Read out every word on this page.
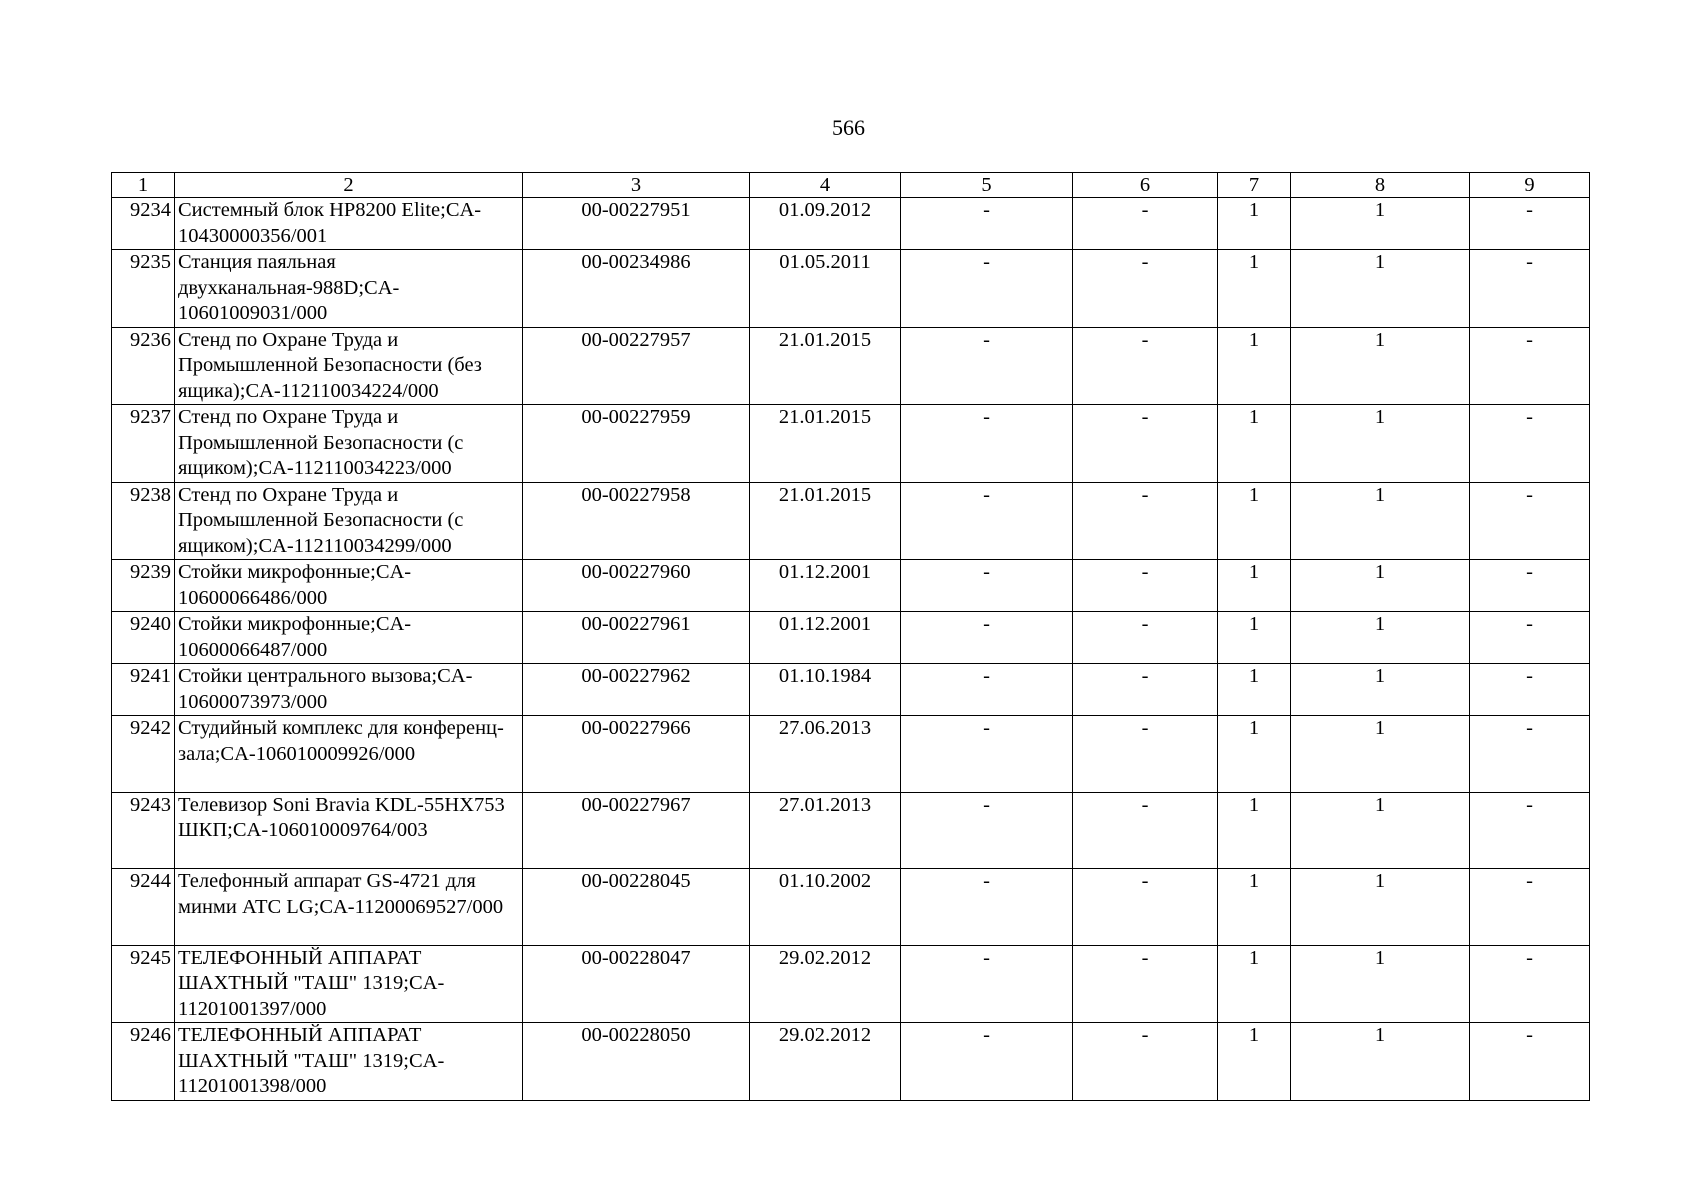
566
1	2	3	4	5	6	7	8	9
9234	Системный блок HP8200 Elite;CA-10430000356/001	00-00227951	01.09.2012	-	-	1	1	-
9235	Станция паяльная двухканальная-988D;CA-10601009031/000	00-00234986	01.05.2011	-	-	1	1	-
9236	Стенд по Охране Труда и Промышленной Безопасности (без ящика);CA-112110034224/000	00-00227957	21.01.2015	-	-	1	1	-
9237	Стенд по Охране Труда и Промышленной Безопасности (с ящиком);CA-112110034223/000	00-00227959	21.01.2015	-	-	1	1	-
9238	Стенд по Охране Труда и Промышленной Безопасности (с ящиком);CA-112110034299/000	00-00227958	21.01.2015	-	-	1	1	-
9239	Стойки микрофонные;CA-10600066486/000	00-00227960	01.12.2001	-	-	1	1	-
9240	Стойки микрофонные;CA-10600066487/000	00-00227961	01.12.2001	-	-	1	1	-
9241	Стойки центрального вызова;CA-10600073973/000	00-00227962	01.10.1984	-	-	1	1	-
9242	Студийный комплекс для конференц-зала;CA-106010009926/000	00-00227966	27.06.2013	-	-	1	1	-
9243	Телевизор Soni Bravia KDL-55HX753 ШКП;CA-106010009764/003	00-00227967	27.01.2013	-	-	1	1	-
9244	Телефонный аппарат GS-4721 для минми АТС LG;CA-11200069527/000	00-00228045	01.10.2002	-	-	1	1	-
9245	ТЕЛЕФОННЫЙ АППАРАТ ШАХТНЫЙ "ТАШ" 1319;CA-11201001397/000	00-00228047	29.02.2012	-	-	1	1	-
9246	ТЕЛЕФОННЫЙ АППАРАТ ШАХТНЫЙ "ТАШ" 1319;CA-11201001398/000	00-00228050	29.02.2012	-	-	1	1	-
